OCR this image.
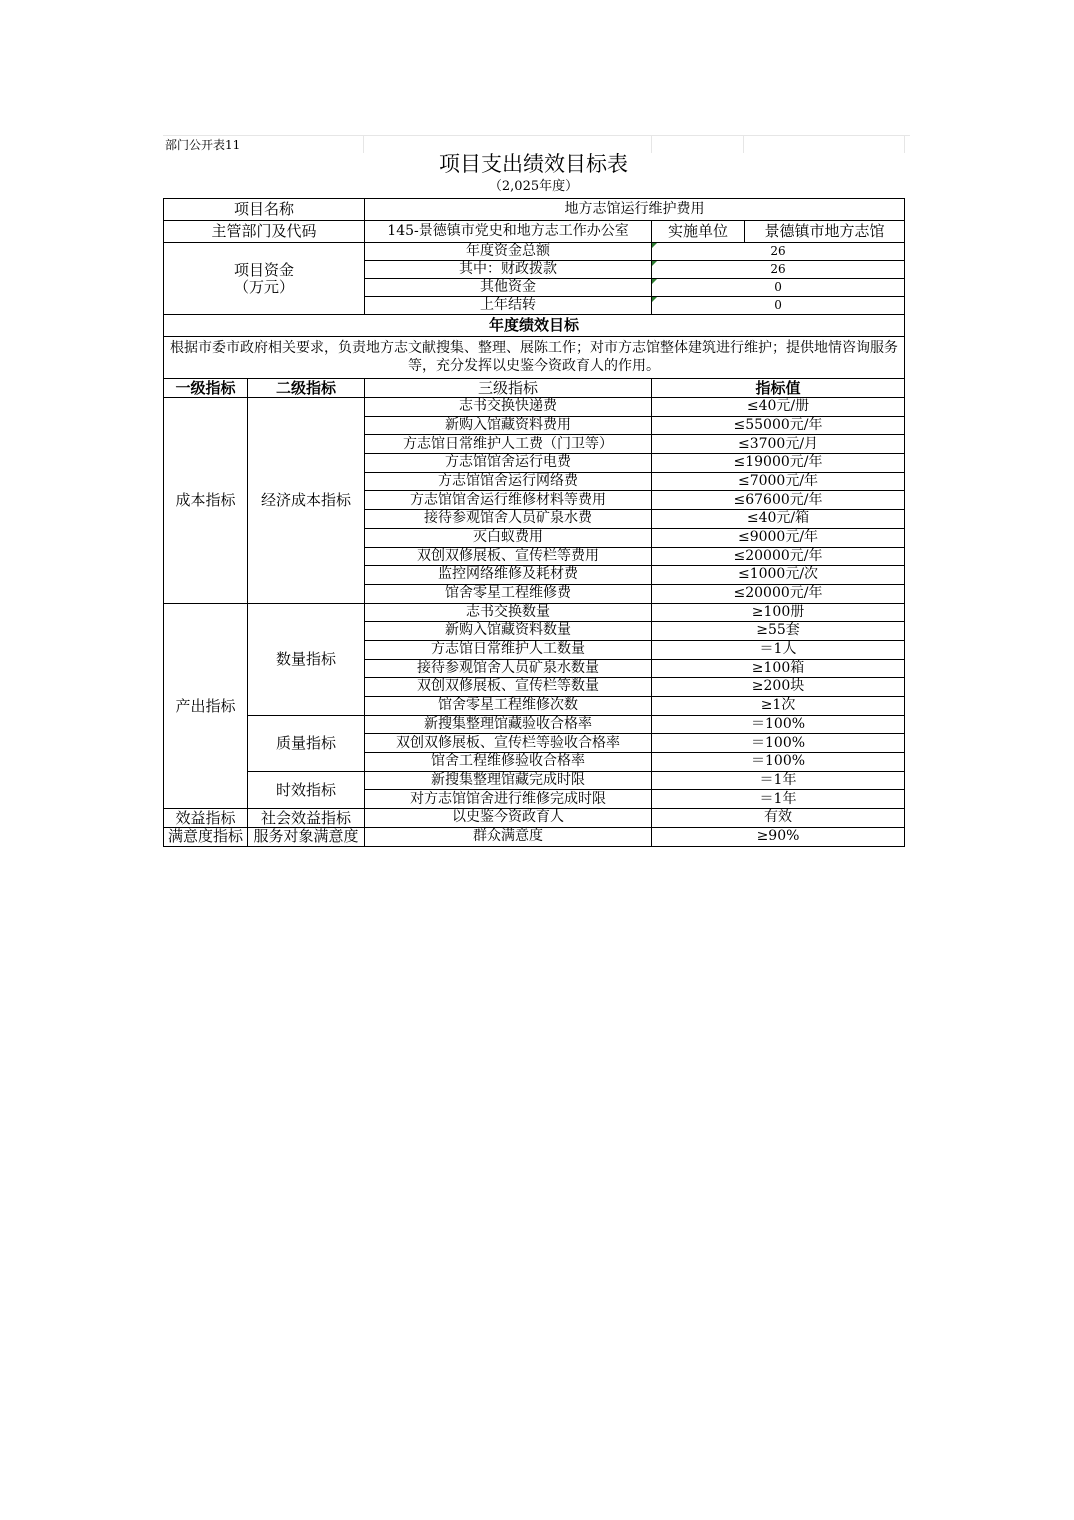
部门公开表11
项目支出绩效目标表
（2,025年度）
项目名称		地方志馆运行维护费用		
主管部门及代码		145-景德镇市党史和地方志工作办公室	实施单位	景德镇市地方志馆

项目资金
（万元）		年度资金总额	26	
		其中：财政拨款	26	
		其他资金	0	
		上年结转	0	
年度绩效目标				
根据市委市政府相关要求，负责地方志文献搜集、整理、展陈工作；对市方志馆整体建筑进行维护；提供地情咨询服务等，充分发挥以史鉴今资政育人的作用。				
一级指标	二级指标	三级指标	指标值	
成本指标	经济成本指标	志书交换快递费	≤40元/册	
		新购入馆藏资料费用	≤55000元/年	
		方志馆日常维护人工费（门卫等）	≤3700元/月	
		方志馆馆舍运行电费	≤19000元/年	
		方志馆馆舍运行网络费	≤7000元/年	
		方志馆馆舍运行维修材料等费用	≤67600元/年	
		接待参观馆舍人员矿泉水费	≤40元/箱	
		灭白蚁费用	≤9000元/年	
		双创双修展板、宣传栏等费用	≤20000元/年	
		监控网络维修及耗材费	≤1000元/次	
		馆舍零星工程维修费	≤20000元/年	
产出指标	数量指标	志书交换数量	≥100册	
		新购入馆藏资料数量	≥55套	
		方志馆日常维护人工数量	＝1人	
		接待参观馆舍人员矿泉水数量	≥100箱	
		双创双修展板、宣传栏等数量	≥200块	
		馆舍零星工程维修次数	≥1次	
	质量指标	新搜集整理馆藏验收合格率	＝100%	
		双创双修展板、宣传栏等验收合格率	＝100%	
		馆舍工程维修验收合格率	＝100%	
	时效指标	新搜集整理馆藏完成时限	＝1年	
		对方志馆馆舍进行维修完成时限	＝1年	
效益指标	社会效益指标	以史鉴今资政育人	有效	
满意度指标	服务对象满意度	群众满意度	≥90%	
